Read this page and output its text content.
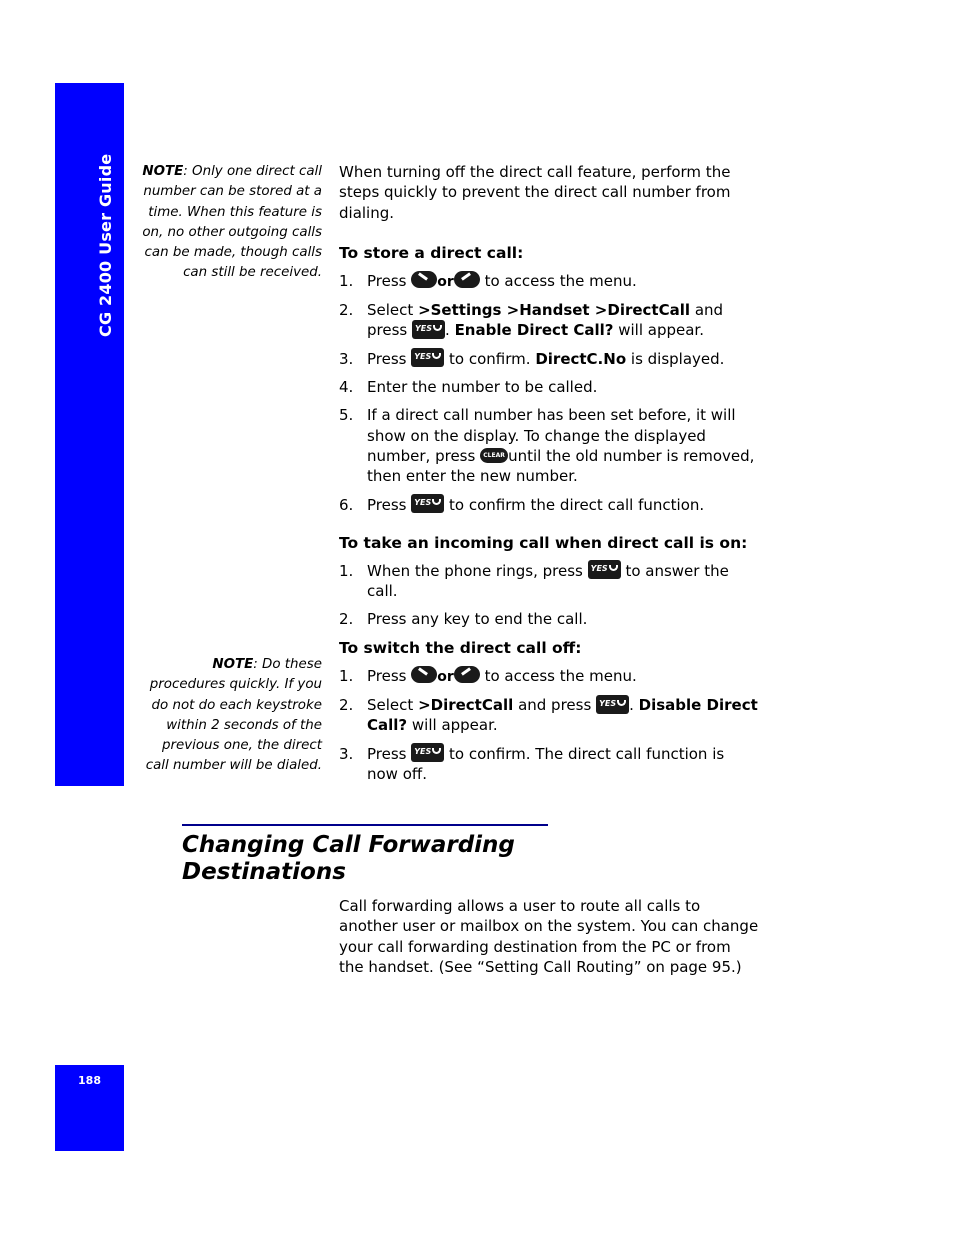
CG 2400 User Guide
188
NOTE: Only one direct call number can be stored at a time. When this feature is on, no other outgoing calls can be made, though calls can still be received.
NOTE: Do these procedures quickly. If you do not do each keystroke within 2 seconds of the previous one, the direct call number will be dialed.

When turning off the direct call feature, perform the steps quickly to prevent the direct call number from dialing.

To store a direct call:
1. Press or to access the menu.
2. Select >Settings >Handset >DirectCall and press YES . Enable Direct Call? will appear.
3. Press YES to confirm. DirectC.No is displayed.
4. Enter the number to be called.
5. If a direct call number has been set before, it will show on the display. To change the displayed number, press CLEAR until the old number is removed, then enter the new number.
6. Press YES to confirm the direct call function.
To take an incoming call when direct call is on:
1. When the phone rings, press YES to answer the call.
2. Press any key to end the call.
To switch the direct call off:
1. Press or to access the menu.
2. Select >DirectCall and press YES . Disable Direct Call? will appear.
3. Press YES to confirm. The direct call function is now off.
Changing Call Forwarding Destinations

Call forwarding allows a user to route all calls to another user or mailbox on the system. You can change your call forwarding destination from the PC or from the handset. (See “Setting Call Routing” on page 95.)
